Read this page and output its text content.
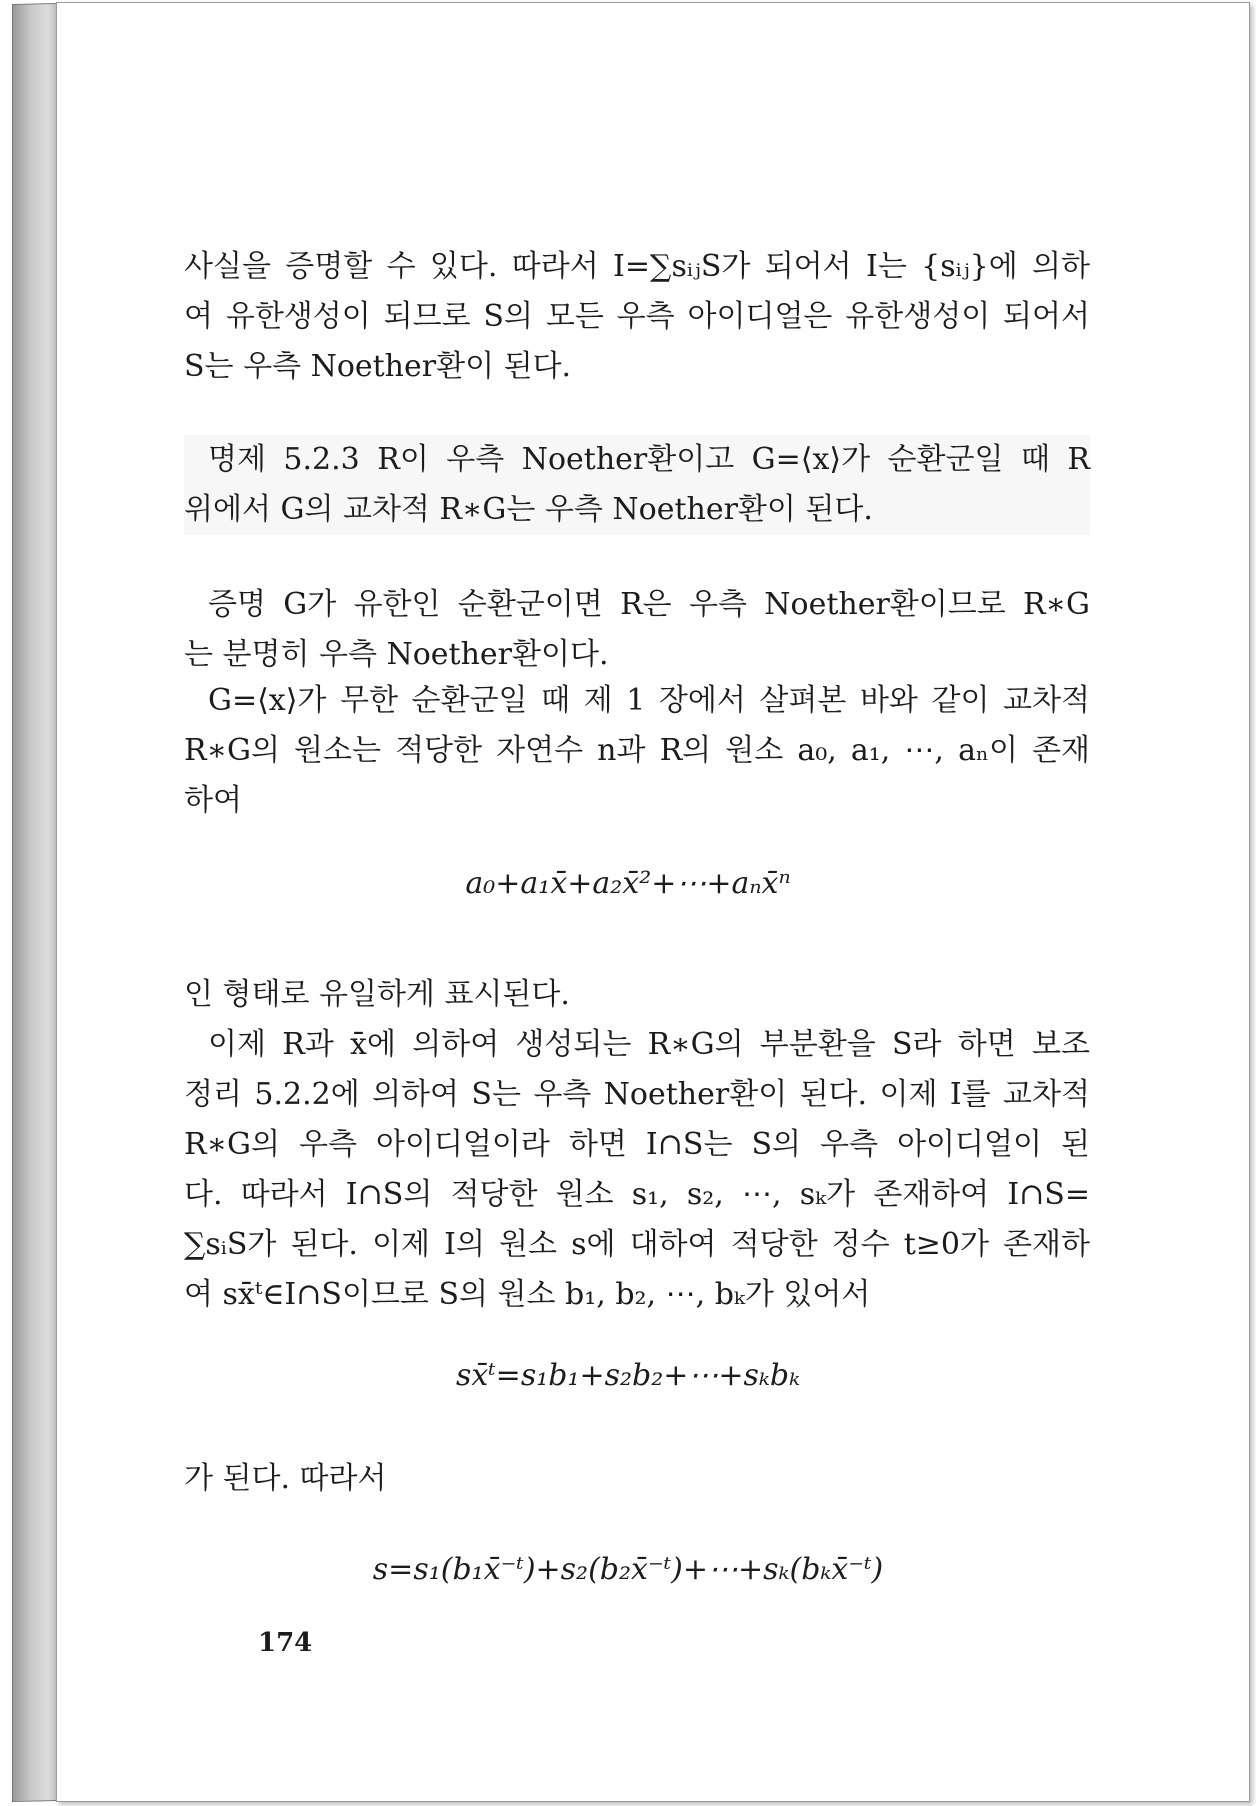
사실을 증명할 수 있다. 따라서 I=∑sᵢⱼS가 되어서 I는 {sᵢⱼ}에 의하
여 유한생성이 되므로 S의 모든 우측 아이디얼은 유한생성이 되어서
S는 우측 Noether환이 된다.
명제 5.2.3 R이 우측 Noether환이고 G=⟨x⟩가 순환군일 때 R
위에서 G의 교차적 R∗G는 우측 Noether환이 된다.
증명 G가 유한인 순환군이면 R은 우측 Noether환이므로 R∗G
는 분명히 우측 Noether환이다.
G=⟨x⟩가 무한 순환군일 때 제 1 장에서 살펴본 바와 같이 교차적
R∗G의 원소는 적당한 자연수 n과 R의 원소 a₀, a₁, ⋯, aₙ이 존재
하여
a₀+a₁x̄+a₂x̄²+⋯+aₙx̄ⁿ
인 형태로 유일하게 표시된다.
이제 R과 x̄에 의하여 생성되는 R∗G의 부분환을 S라 하면 보조
정리 5.2.2에 의하여 S는 우측 Noether환이 된다. 이제 I를 교차적
R∗G의 우측 아이디얼이라 하면 I∩S는 S의 우측 아이디얼이 된
다. 따라서 I∩S의 적당한 원소 s₁, s₂, ⋯, sₖ가 존재하여 I∩S=
∑sᵢS가 된다. 이제 I의 원소 s에 대하여 적당한 정수 t≥0가 존재하
여 sx̄ᵗ∈I∩S이므로 S의 원소 b₁, b₂, ⋯, bₖ가 있어서
sx̄ᵗ=s₁b₁+s₂b₂+⋯+sₖbₖ
가 된다. 따라서
s=s₁(b₁x̄⁻ᵗ)+s₂(b₂x̄⁻ᵗ)+⋯+sₖ(bₖx̄⁻ᵗ)
174
